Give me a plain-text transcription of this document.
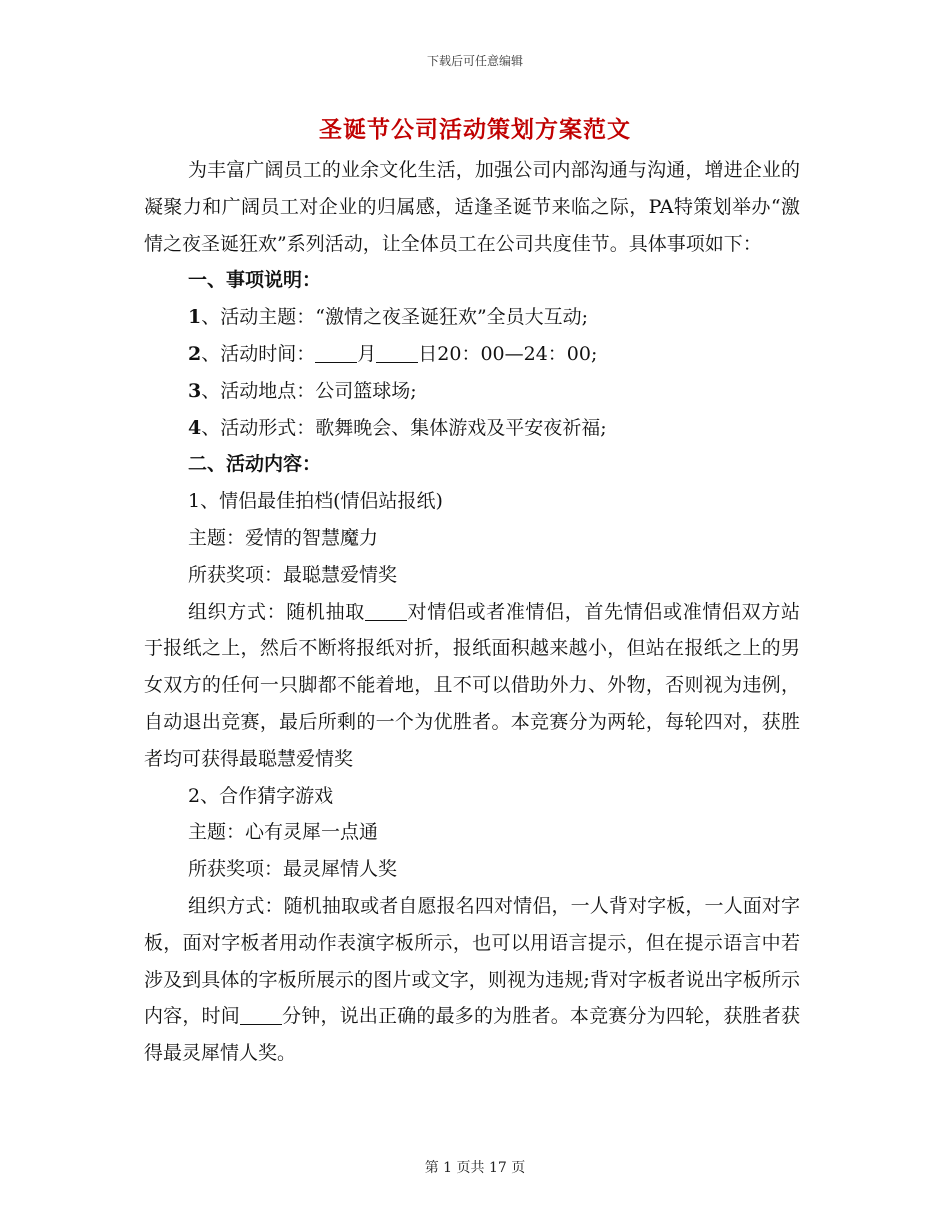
下载后可任意编辑
圣诞节公司活动策划方案范文

为丰富广阔员工的业余文化生活，加强公司内部沟通与沟通，增进企业的凝聚力和广阔员工对企业的归属感，适逢圣诞节来临之际，PA特策划举办“激情之夜圣诞狂欢”系列活动，让全体员工在公司共度佳节。具体事项如下：

一、事项说明：

1、活动主题：“激情之夜圣诞狂欢”全员大互动;

2、活动时间： 月 日20：00—24：00;

3、活动地点：公司篮球场;

4、活动形式：歌舞晚会、集体游戏及平安夜祈福;

二、活动内容：

1、情侣最佳拍档(情侣站报纸)

主题：爱情的智慧魔力

所获奖项：最聪慧爱情奖

组织方式：随机抽取 对情侣或者准情侣，首先情侣或准情侣双方站于报纸之上，然后不断将报纸对折，报纸面积越来越小，但站在报纸之上的男女双方的任何一只脚都不能着地，且不可以借助外力、外物，否则视为违例，自动退出竞赛，最后所剩的一个为优胜者。本竞赛分为两轮，每轮四对，获胜者均可获得最聪慧爱情奖

2、合作猜字游戏

主题：心有灵犀一点通

所获奖项：最灵犀情人奖

组织方式：随机抽取或者自愿报名四对情侣，一人背对字板，一人面对字板，面对字板者用动作表演字板所示，也可以用语言提示，但在提示语言中若涉及到具体的字板所展示的图片或文字，则视为违规;背对字板者说出字板所示内容，时间 分钟，说出正确的最多的为胜者。本竞赛分为四轮，获胜者获得最灵犀情人奖。

第 1 页共 17 页
